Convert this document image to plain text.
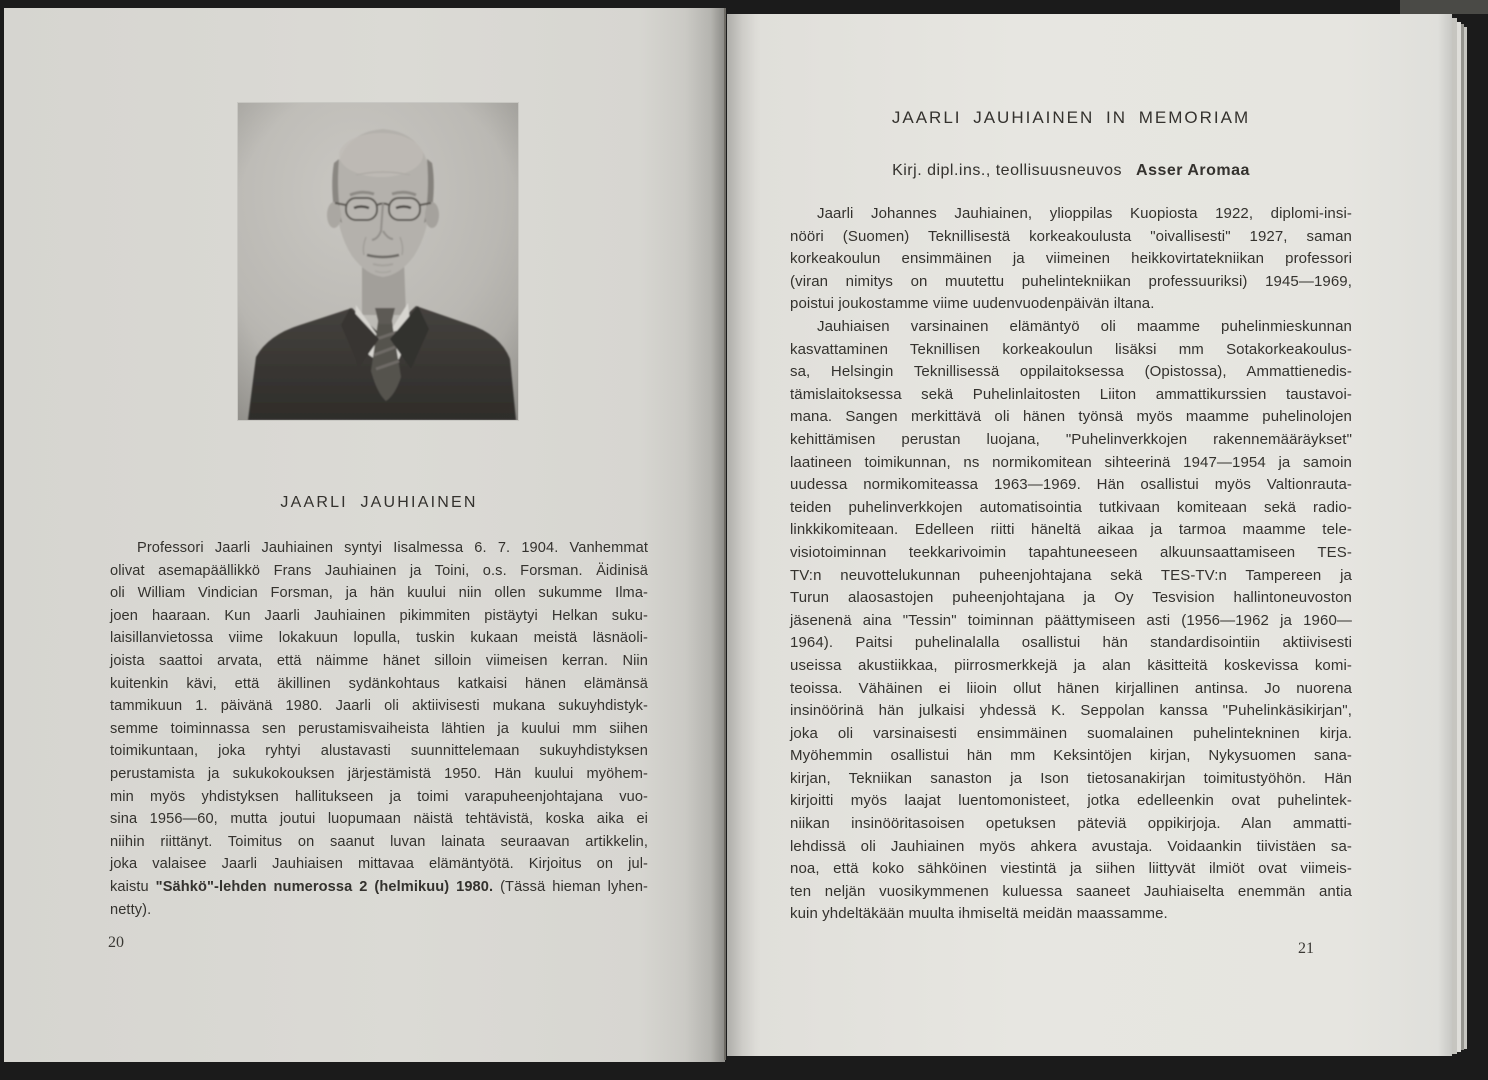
JAARLI JAUHIAINEN
Professori Jaarli Jauhiainen syntyi Iisalmessa 6. 7. 1904. Vanhemmat
olivat asemapäällikkö Frans Jauhiainen ja Toini, o.s. Forsman. Äidinisä
oli William Vindician Forsman, ja hän kuului niin ollen sukumme Ilma-
joen haaraan. Kun Jaarli Jauhiainen pikimmiten pistäytyi Helkan suku-
laisillanvietossa viime lokakuun lopulla, tuskin kukaan meistä läsnäoli-
joista saattoi arvata, että näimme hänet silloin viimeisen kerran. Niin
kuitenkin kävi, että äkillinen sydänkohtaus katkaisi hänen elämänsä
tammikuun 1. päivänä 1980. Jaarli oli aktiivisesti mukana sukuyhdistyk-
semme toiminnassa sen perustamisvaiheista lähtien ja kuului mm siihen
toimikuntaan, joka ryhtyi alustavasti suunnittelemaan sukuyhdistyksen
perustamista ja sukukokouksen järjestämistä 1950. Hän kuului myöhem-
min myös yhdistyksen hallitukseen ja toimi varapuheenjohtajana vuo-
sina 1956—60, mutta joutui luopumaan näistä tehtävistä, koska aika ei
niihin riittänyt. Toimitus on saanut luvan lainata seuraavan artikkelin,
joka valaisee Jaarli Jauhiaisen mittavaa elämäntyötä. Kirjoitus on jul-
kaistu "Sähkö"-lehden numerossa 2 (helmikuu) 1980. (Tässä hieman lyhen-
netty).
20
JAARLI JAUHIAINEN IN MEMORIAM
Kirj. dipl.ins., teollisuusneuvos Asser Aromaa
Jaarli Johannes Jauhiainen, ylioppilas Kuopiosta 1922, diplomi-insi-
nööri (Suomen) Teknillisestä korkeakoulusta "oivallisesti" 1927, saman
korkeakoulun ensimmäinen ja viimeinen heikkovirtatekniikan professori
(viran nimitys on muutettu puhelintekniikan professuuriksi) 1945—1969,
poistui joukostamme viime uudenvuodenpäivän iltana.
Jauhiaisen varsinainen elämäntyö oli maamme puhelinmieskunnan
kasvattaminen Teknillisen korkeakoulun lisäksi mm Sotakorkeakoulus-
sa, Helsingin Teknillisessä oppilaitoksessa (Opistossa), Ammattienedis-
tämislaitoksessa sekä Puhelinlaitosten Liiton ammattikurssien taustavoi-
mana. Sangen merkittävä oli hänen työnsä myös maamme puhelinolojen
kehittämisen perustan luojana, "Puhelinverkkojen rakennemääräykset"
laatineen toimikunnan, ns normikomitean sihteerinä 1947—1954 ja samoin
uudessa normikomiteassa 1963—1969. Hän osallistui myös Valtionrauta-
teiden puhelinverkkojen automatisointia tutkivaan komiteaan sekä radio-
linkkikomiteaan. Edelleen riitti häneltä aikaa ja tarmoa maamme tele-
visiotoiminnan teekkarivoimin tapahtuneeseen alkuunsaattamiseen TES-
TV:n neuvottelukunnan puheenjohtajana sekä TES-TV:n Tampereen ja
Turun alaosastojen puheenjohtajana ja Oy Tesvision hallintoneuvoston
jäsenenä aina "Tessin" toiminnan päättymiseen asti (1956—1962 ja 1960—
1964). Paitsi puhelinalalla osallistui hän standardisointiin aktiivisesti
useissa akustiikkaa, piirrosmerkkejä ja alan käsitteitä koskevissa komi-
teoissa. Vähäinen ei liioin ollut hänen kirjallinen antinsa. Jo nuorena
insinöörinä hän julkaisi yhdessä K. Seppolan kanssa "Puhelinkäsikirjan",
joka oli varsinaisesti ensimmäinen suomalainen puhelintekninen kirja.
Myöhemmin osallistui hän mm Keksintöjen kirjan, Nykysuomen sana-
kirjan, Tekniikan sanaston ja Ison tietosanakirjan toimitustyöhön. Hän
kirjoitti myös laajat luentomonisteet, jotka edelleenkin ovat puhelintek-
niikan insinööritasoisen opetuksen päteviä oppikirjoja. Alan ammatti-
lehdissä oli Jauhiainen myös ahkera avustaja. Voidaankin tiivistäen sa-
noa, että koko sähköinen viestintä ja siihen liittyvät ilmiöt ovat viimeis-
ten neljän vuosikymmenen kuluessa saaneet Jauhiaiselta enemmän antia
kuin yhdeltäkään muulta ihmiseltä meidän maassamme.
21
